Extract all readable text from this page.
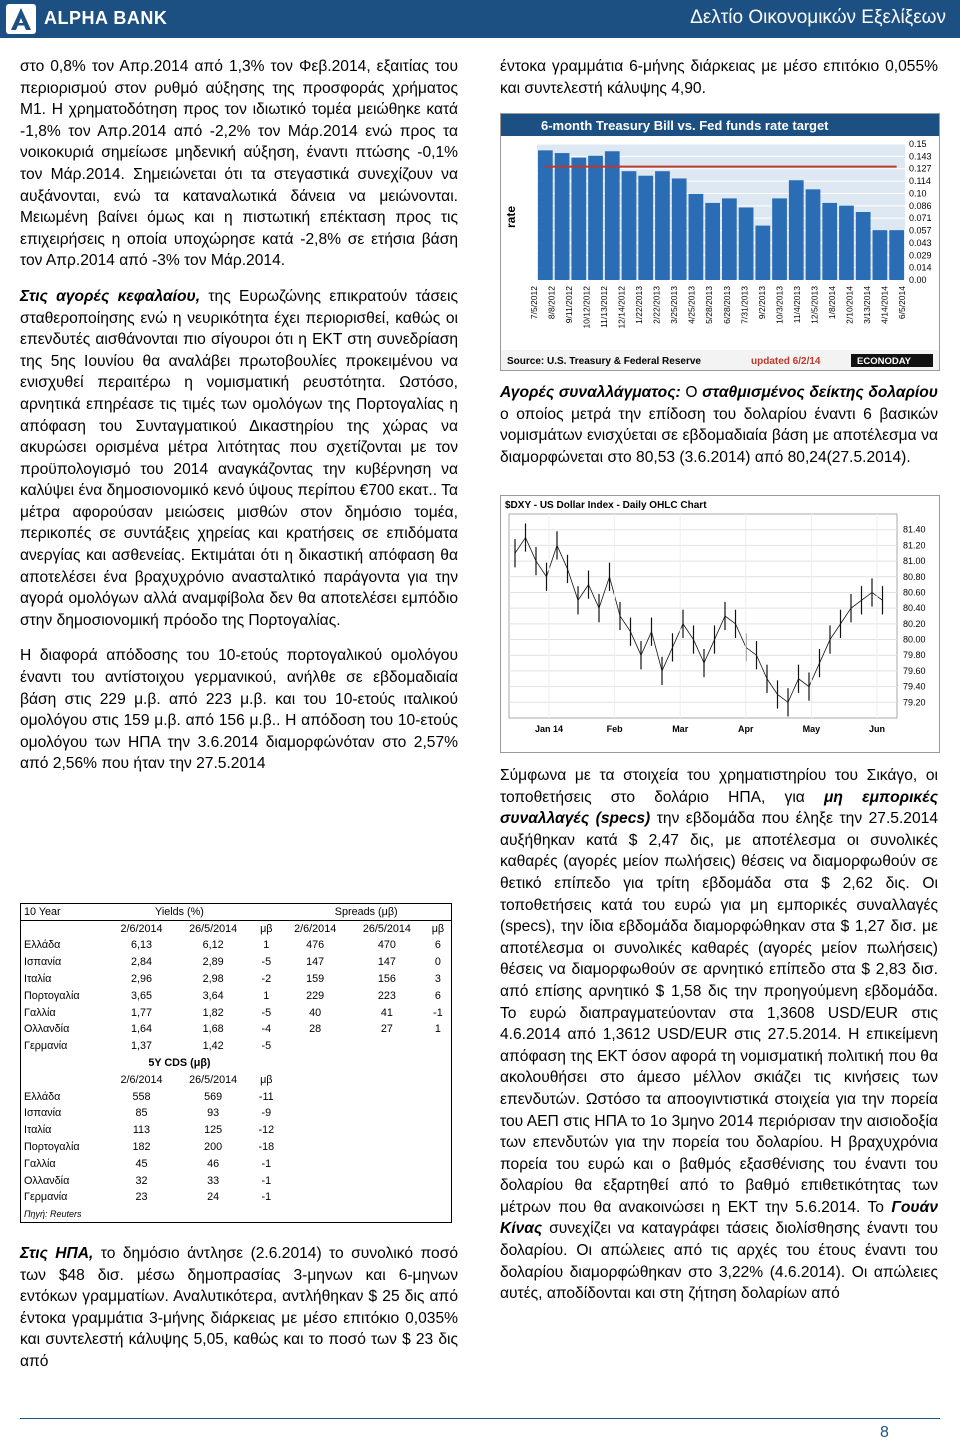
ALPHA BANK	Δελτίο Οικονομικών Εξελίξεων

στο 0,8% τον Απρ.2014 από 1,3% τον Φεβ.2014, εξαιτίας του περιορισμού στον ρυθμό αύξησης της προσφοράς χρήματος Μ1. Η χρηματοδότηση προς τον ιδιωτικό τομέα μειώθηκε κατά -1,8% τον Απρ.2014 από -2,2% τον Μάρ.2014 ενώ προς τα νοικοκυριά σημείωσε μηδενική αύξηση, έναντι πτώσης -0,1% τον Μάρ.2014. Σημειώνεται ότι τα στεγαστικά συνεχίζουν να αυξάνονται, ενώ τα καταναλωτικά δάνεια να μειώνονται. Μειωμένη βαίνει όμως και η πιστωτική επέκταση προς τις επιχειρήσεις η οποία υποχώρησε κατά -2,8% σε ετήσια βάση τον Απρ.2014 από -3% τον Μάρ.2014.

Στις αγορές κεφαλαίου, της Ευρωζώνης επικρατούν τάσεις σταθεροποίησης ενώ η νευρικότητα έχει περιορισθεί, καθώς οι επενδυτές αισθάνονται πιο σίγουροι ότι η ΕΚΤ στη συνεδρίαση της 5ης Ιουνίου θα αναλάβει πρωτοβουλίες προκειμένου να ενισχυθεί περαιτέρω η νομισματική ρευστότητα. Ωστόσο, αρνητικά επηρέασε τις τιμές των ομολόγων της Πορτογαλίας η απόφαση του Συνταγματικού Δικαστηρίου της χώρας να ακυρώσει ορισμένα μέτρα λιτότητας που σχετίζονται με τον προϋπολογισμό του 2014 αναγκάζοντας την κυβέρνηση να καλύψει ένα δημοσιονομικό κενό ύψους περίπου €700 εκατ.. Τα μέτρα αφορούσαν μειώσεις μισθών στον δημόσιο τομέα, περικοπές σε συντάξεις χηρείας και κρατήσεις σε επιδόματα ανεργίας και ασθενείας. Εκτιμάται ότι η δικαστική απόφαση θα αποτελέσει ένα βραχυχρόνιο ανασταλτικό παράγοντα για την αγορά ομολόγων αλλά αναμφίβολα δεν θα αποτελέσει εμπόδιο στην δημοσιονομική πρόοδο της Πορτογαλίας.

Η διαφορά απόδοσης του 10-ετούς πορτογαλικού ομολόγου έναντι του αντίστοιχου γερμανικού, ανήλθε σε εβδομαδιαία βάση στις 229 μ.β. από 223 μ.β. και του 10-ετούς ιταλικού ομολόγου στις 159 μ.β. από 156 μ.β.. Η απόδοση του 10-ετούς ομολόγου των ΗΠΑ την 3.6.2014 διαμορφώνόταν στο 2,57% από 2,56% που ήταν την 27.5.2014

10 Year	Yields (%)			Spreads (μβ)		
	2/6/2014	26/5/2014	μβ	2/6/2014	26/5/2014	μβ
Ελλάδα	6,13	6,12	1	476	470	6
Ισπανία	2,84	2,89	-5	147	147	0
Ιταλία	2,96	2,98	-2	159	156	3
Πορτογαλία	3,65	3,64	1	229	223	6
Γαλλία	1,77	1,82	-5	40	41	-1
Ολλανδία	1,64	1,68	-4	28	27	1
Γερμανία	1,37	1,42	-5			
	5Y CDS (μβ)					
	2/6/2014	26/5/2014	μβ			
Ελλάδα	558	569	-11			
Ισπανία	85	93	-9			
Ιταλία	113	125	-12			
Πορτογαλία	182	200	-18			
Γαλλία	45	46	-1			
Ολλανδία	32	33	-1			
Γερμανία	23	24	-1			
Πηγή: Reuters						

Στις ΗΠΑ, το δημόσιο άντλησε (2.6.2014) το συνολικό ποσό των $48 δισ. μέσω δημοπρασίας 3-μηνων και 6-μηνων εντόκων γραμματίων. Αναλυτικότερα, αντλήθηκαν $ 25 δις από έντοκα γραμμάτια 3-μήνης διάρκειας με μέσο επιτόκιο 0,035% και συντελεστή κάλυψης 5,05, καθώς και το ποσό των $ 23 δις από

έντοκα γραμμάτια 6-μήνης διάρκειας με μέσο επιτόκιο 0,055% και συντελεστή κάλυψης 4,90.

6-month Treasury Bill vs. Fed funds rate target
rate
0.15
0.143
0.127
0.114
0.10
0.086
0.071
0.057
0.043
0.029
0.014
0.00
7/5/2012 8/8/2012 9/11/2012 10/12/2012 11/13/2012 12/14/2012 1/22/2013 2/22/2013 3/25/2013 4/25/2013 5/28/2013 6/28/2013 7/31/2013 9/2/2013 10/3/2013 11/4/2013 12/5/2013 1/8/2014 2/10/2014 3/13/2014 4/14/2014 6/5/2014
Source: U.S. Treasury & Federal Reserve	updated 6/2/14	ECONODAY

Αγορές συναλλάγματος: Ο σταθμισμένος δείκτης δολαρίου ο οποίος μετρά την επίδοση του δολαρίου έναντι 6 βασικών νομισμάτων ενισχύεται σε εβδομαδιαία βάση με αποτέλεσμα να διαμορφώνεται στο 80,53 (3.6.2014) από 80,24(27.5.2014).

$DXY - US Dollar Index - Daily OHLC Chart
81.40
81.20
81.00
80.80
80.60
80.40
80.20
80.00
79.80
79.60
79.40
79.20
Jan 14	Feb	Mar	Apr	May	Jun

Σύμφωνα με τα στοιχεία του χρηματιστηρίου του Σικάγο, οι τοποθετήσεις στο δολάριο ΗΠΑ, για μη εμπορικές συναλλαγές (specs) την εβδομάδα που έληξε την 27.5.2014 αυξήθηκαν κατά $ 2,47 δις, με αποτέλεσμα οι συνολικές καθαρές (αγορές μείον πωλήσεις) θέσεις να διαμορφωθούν σε θετικό επίπεδο για τρίτη εβδομάδα στα $ 2,62 δις. Οι τοποθετήσεις κατά του ευρώ για μη εμπορικές συναλλαγές (specs), την ίδια εβδομάδα διαμορφώθηκαν στα $ 1,27 δισ. με αποτέλεσμα οι συνολικές καθαρές (αγορές μείον πωλήσεις) θέσεις να διαμορφωθούν σε αρνητικό επίπεδο στα $ 2,83 δισ. από επίσης αρνητικό $ 1,58 δις την προηγούμενη εβδομάδα. Το ευρώ διαπραγματεύονταν στα 1,3608 USD/EUR στις 4.6.2014 από 1,3612 USD/EUR στις 27.5.2014. Η επικείμενη απόφαση της ΕΚΤ όσον αφορά τη νομισματική πολιτική που θα ακολουθήσει στο άμεσο μέλλον σκιάζει τις κινήσεις των επενδυτών. Ωστόσο τα αποογιντιστικά στοιχεία για την πορεία του ΑΕΠ στις ΗΠΑ το 1ο 3μηνο 2014 περιόρισαν την αισιοδοξία των επενδυτών για την πορεία του δολαρίου. Η βραχυχρόνια πορεία του ευρώ και ο βαθμός εξασθένισης του έναντι του δολαρίου θα εξαρτηθεί από το βαθμό επιθετικότητας των μέτρων που θα ανακοινώσει η ΕΚΤ την 5.6.2014. Το Γουάν Κίνας συνεχίζει να καταγράφει τάσεις διολίσθησης έναντι του δολαρίου. Οι απώλειες από τις αρχές του έτους έναντι του δολαρίου διαμορφώθηκαν στο 3,22% (4.6.2014). Οι απώλειες αυτές, αποδίδονται και στη ζήτηση δολαρίων από

8
